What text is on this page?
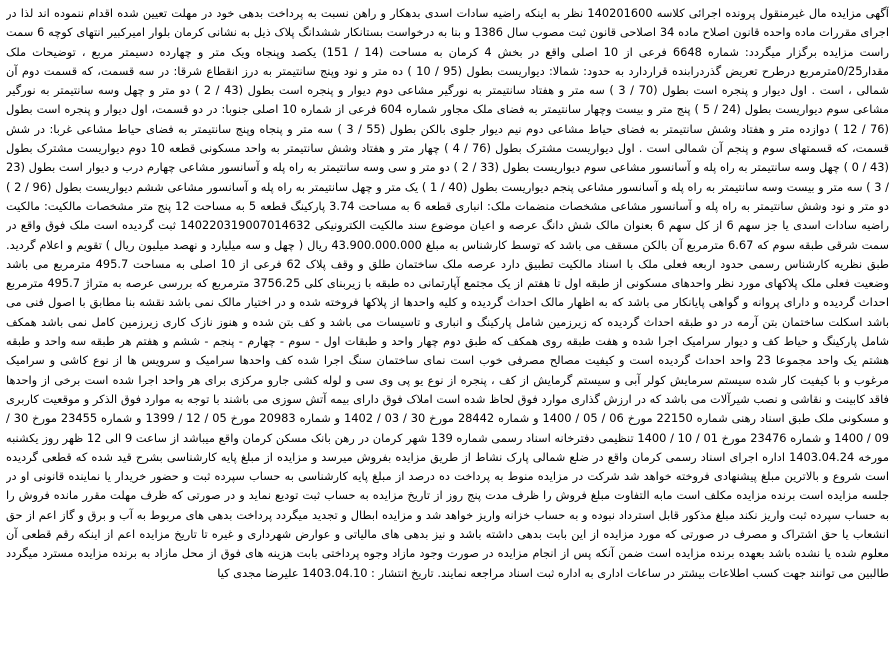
آگهی مزایده مال غیرمنقول پرونده اجرائی کلاسه 140201600 نظر به اینکه راضیه سادات اسدی بدهکار و راهن نسبت به پرداخت بدهی خود در مهلت تعیین شده اقدام ننموده اند لذا در اجرای مقررات ماده واحده قانون اصلاح ماده 34 اصلاحی قانون ثبت مصوب سال 1386 و بنا به درخواست بستانکار ششدانگ پلاک ذیل به نشانی کرمان بلوار امیرکبیر انتهای کوچه 6 سمت راست مزایده برگزار میگردد: شماره 6648 فرعی از 10 اصلی واقع در بخش 4 کرمان به مساحت (14 / 151) یکصد وپنجاه ویک متر و چهارده دسیمتر مربع ، توضیحات ملک مقدار0/25مترمربع درطرح تعریض گذردرابنده قراردارد به حدود: شمالا: دیواریست بطول (95 / 10 ) ده متر و نود وپنج سانتیمتر به درز انقطاع شرقا: در سه قسمت، که قسمت دوم آن شمالی ، است . اول دیوار و پنجره است بطول (70 / 3 ) سه متر و هفتاد سانتیمتر به نورگیر مشاعی دوم دیوار و پنجره است بطول (43 / 2 ) دو متر و چهل وسه سانتیمتر به نورگیر مشاعی سوم دیواریست بطول (24 / 5 ) پنج متر و بیست وچهار سانتیمتر به فضای ملک مجاور شماره 604 فرعی از شماره 10 اصلی جنوبا: در دو قسمت، اول دیوار و پنجره است بطول (76 / 12 ) دوازده متر و هفتاد وشش سانتیمتر به فضای حیاط مشاعی دوم نیم دیوار جلوی بالکن بطول (55 / 3 ) سه متر و پنجاه وپنج سانتیمتر به فضای حیاط مشاعی غربا: در شش قسمت، که قسمتهای سوم و پنجم آن شمالی است . اول دیواریست مشترک بطول (76 / 4 ) چهار متر و هفتاد وشش سانتیمتر به واحد مسکونی قطعه 10 دوم دیواریست مشترک بطول (43 / 0 ) چهل وسه سانتیمتر به راه پله و آسانسور مشاعی سوم دیواریست بطول (33 / 2 ) دو متر و سی وسه سانتیمتر به راه پله و آسانسور مشاعی چهارم درب و دیوار است بطول (23 / 3 ) سه متر و بیست وسه سانتیمتر به راه پله و آسانسور مشاعی پنجم دیواریست بطول (40 / 1 ) یک متر و چهل سانتیمتر به راه پله و آسانسور مشاعی ششم دیواریست بطول (96 / 2 ) دو متر و نود وشش سانتیمتر به راه پله و آسانسور مشاعی مشخصات منضمات ملک: انباری قطعه 6 به مساحت 3.74 پارکینگ قطعه 5 به مساحت 12 پنج متر مشخصات مالکیت: مالکیت راضیه سادات اسدی یا جز سهم 6 از کل سهم 6 بعنوان مالک شش دانگ عرصه و اعیان موضوع سند مالکیت الکترونیکی 140220319007014632 ثبت گردیده است ملک فوق واقع در سمت شرقی طبقه سوم که 6.67 مترمربع آن بالکن مسقف می باشد که توسط کارشناس به مبلغ 43.900.000.000 ریال ( چهل و سه میلیارد و نهصد میلیون ریال ) تقویم و اعلام گردید. طبق نظریه کارشناس رسمی حدود اربعه فعلی ملک با اسناد مالکیت تطبیق دارد عرصه ملک ساختمان طلق و وقف پلاک 62 فرعی از 10 اصلی به مساحت 495.7 مترمربع می باشد وضعیت فعلی ملک پلاکهای مورد نظر واحدهای مسکونی از طبقه اول تا هفتم از یک مجتمع آپارتمانی ده طبقه با زیربنای کلی 3756.25 مترمربع که بررسی عرصه به متراژ 495.7 مترمربع احداث گردیده و دارای پروانه و گواهی پایانکار می باشد که به اظهار مالک احداث گردیده و کلیه واحدها از پلاکها فروخته شده و در اختیار مالک نمی باشد نقشه بنا مطابق با اصول فنی می باشد اسکلت ساختمان بتن آرمه در دو طبقه احداث گردیده که زیرزمین شامل پارکینگ و انباری و تاسیسات می باشد و کف بتن شده و هنوز نازک کاری زیرزمین کامل نمی باشد همکف شامل پارکینگ و حیاط کف و دیوار سرامیک اجرا شده و هفت طبقه روی همکف که طبق دوم چهار واحد و طبقات اول - سوم - چهارم - پنجم - ششم و هفتم هر طبقه سه واحد و طبقه هشتم یک واحد مجموعا 23 واحد احداث گردیده است و کیفیت مصالح مصرفی خوب است نمای ساختمان سنگ اجرا شده کف واحدها سرامیک و سرویس ها از نوع کاشی و سرامیک مرغوب و با کیفیت کار شده سیستم سرمایش کولر آبی و سیستم گرمایش از کف ، پنجره از نوع یو پی وی سی و لوله کشی جارو مرکزی برای هر واحد اجرا شده است برخی از واحدها فاقد کابینت و نقاشی و نصب شیرآلات می باشد که در ارزش گذاری موارد فوق لحاظ شده است املاک فوق دارای بیمه آتش سوزی می باشند با توجه به موارد فوق الذکر و موقعیت کاربری و مسکونی ملک طبق اسناد رهنی شماره 22150 مورخ 06 / 05 / 1400 و شماره 28442 مورخ 30 / 03 / 1402 و شماره 20983 مورخ 05 / 12 / 1399 و شماره 23455 مورخ 30 / 09 / 1400 و شماره 23476 مورخ 01 / 10 / 1400 تنظیمی دفترخانه اسناد رسمی شماره 139 شهر کرمان در رهن بانک مسکن کرمان واقع میباشد از ساعت 9 الی 12 ظهر روز یکشنبه مورخه 1403.04.24 اداره اجرای اسناد رسمی کرمان واقع در ضلع شمالی پارک نشاط از طریق مزایده بفروش میرسد و مزایده از مبلغ پایه کارشناسی بشرح قید شده که قطعی گردیده است شروع و بالاترین مبلغ پیشنهادی فروخته خواهد شد شرکت در مزایده منوط به پرداخت ده درصد از مبلغ پایه کارشناسی به حساب سپرده ثبت و حضور خریدار یا نماینده قانونی او در جلسه مزایده است برنده مزایده مکلف است مابه التفاوت مبلغ فروش را ظرف مدت پنج روز از تاریخ مزایده به حساب ثبت تودیع نماید و در صورتی که ظرف مهلت مقرر مانده فروش را به حساب سپرده ثبت واریز نکند مبلغ مذکور قابل استرداد نبوده و به حساب خزانه واریز خواهد شد و مزایده ابطال و تجدید میگردد پرداخت بدهی های مربوط به آب و برق و گاز اعم از حق انشعاب یا حق اشتراک و مصرف در صورتی که مورد مزایده از این بابت بدهی داشته باشد و نیز بدهی های مالیاتی و عوارض شهرداری و غیره تا تاریخ مزایده اعم از اینکه رقم قطعی آن معلوم شده یا نشده باشد بعهده برنده مزایده است ضمن آنکه پس از انجام مزایده در صورت وجود مازاد وجوه پرداختی بابت هزینه های فوق از محل مازاد به برنده مزایده مسترد میگردد طالبین می توانند جهت کسب اطلاعات بیشتر در ساعات اداری به اداره ثبت اسناد مراجعه نمایند. تاریخ انتشار : 1403.04.10 علیرضا مجدی کیا
